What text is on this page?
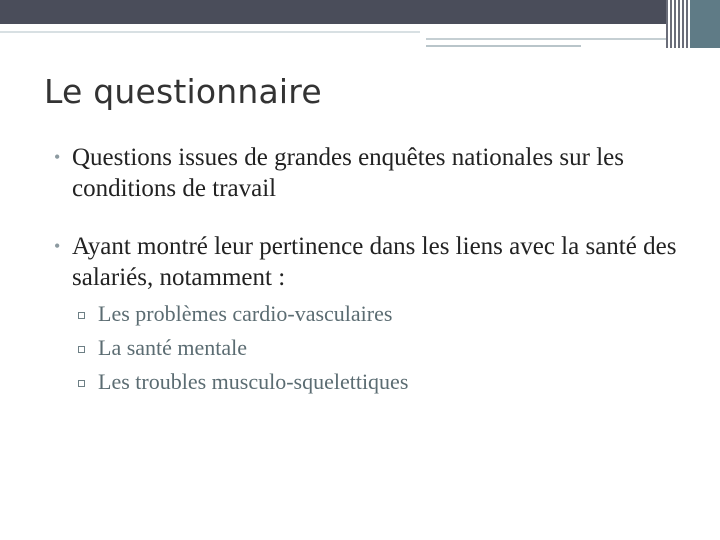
Le questionnaire
• Questions issues de grandes enquêtes nationales sur les conditions de travail
• Ayant montré leur pertinence dans les liens avec la santé des salariés, notamment :
Les problèmes cardio-vasculaires
La santé mentale
Les troubles musculo-squelettiques
